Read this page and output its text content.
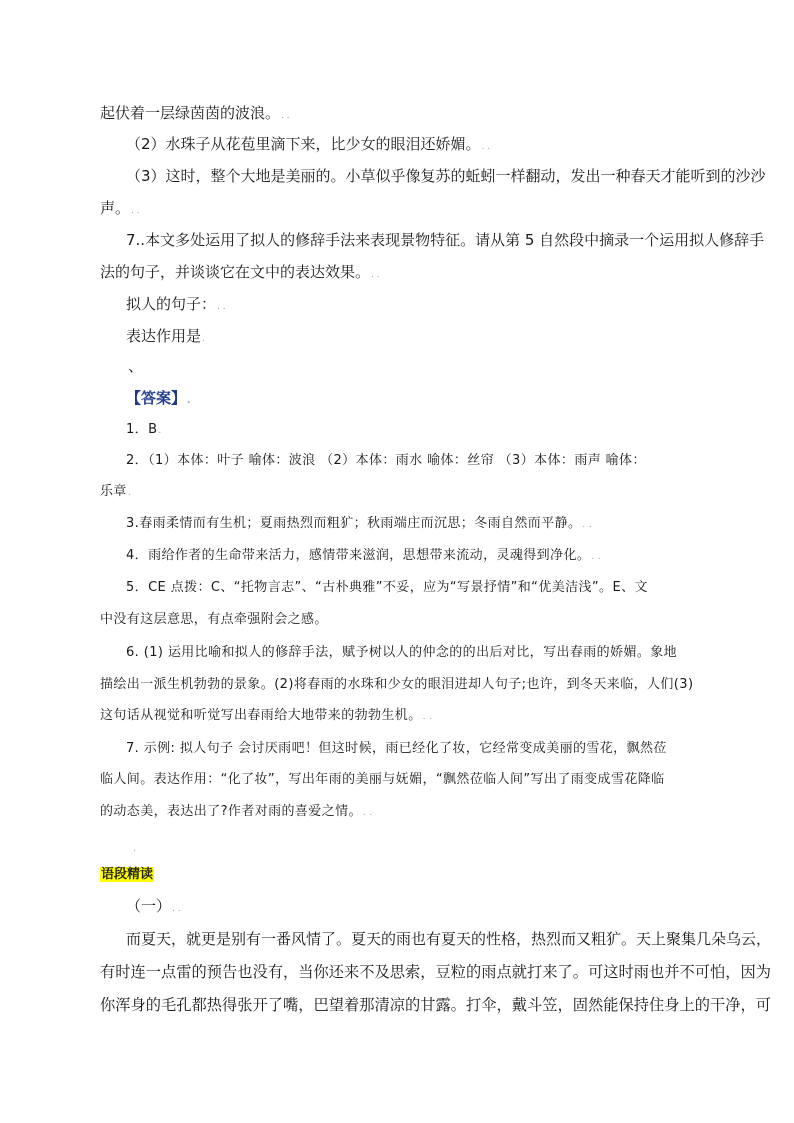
起伏着一层绿茵茵的波浪。. .
（2）水珠子从花苞里滴下来，比少女的眼泪还娇媚。. .
（3）这时，整个大地是美丽的。小草似乎像复苏的蚯蚓一样翻动，发出一种春天才能听到的沙沙
声。. .
7..本文多处运用了拟人的修辞手法来表现景物特征。请从第 5 自然段中摘录一个运用拟人修辞手
法的句子，并谈谈它在文中的表达效果。. .
拟人的句子：. .
表达作用是.
、
【答案】.
1．B.
2．（1）本体：叶子 喻体：波浪 （2）本体：雨水 喻体：丝帘 （3）本体：雨声 喻体：
乐章.
3.春雨柔情而有生机；夏雨热烈而粗犷；秋雨端庄而沉思；冬雨自然而平静。. .
4．雨给作者的生命带来活力，感情带来滋润，思想带来流动，灵魂得到净化。. .
5．CE 点拨：C、“托物言志”、“古朴典雅”不妥，应为“写景抒情”和“优美洁浅”。E、文
中没有这层意思，有点牵强附会之感。
6. (1) 运用比喻和拟人的修辞手法，赋予树以人的仲念的的出后对比，写出春雨的娇媚。象地
描绘出一派生机勃勃的景象。(2)将春雨的水珠和少女的眼泪进却人句子;也许，到冬天来临，人们(3)
这句话从视觉和听觉写出春雨给大地带来的勃勃生机。. .
7. 示例: 拟人句子 会讨厌雨吧！但这时候，雨已经化了妆，它经常变成美丽的雪花，飘然莅
临人间。表达作用：“化了妆”，写出年雨的美丽与妩媚，“飘然莅临人间”写出了雨变成雪花降临
的动态美，表达出了?作者对雨的喜爱之情。. .
.
语段精读
（一）. .
而夏天，就更是别有一番风情了。夏天的雨也有夏天的性格，热烈而又粗犷。天上聚集几朵乌云，
有时连一点雷的预告也没有，当你还来不及思索，豆粒的雨点就打来了。可这时雨也并不可怕，因为
你浑身的毛孔都热得张开了嘴，巴望着那清凉的甘露。打伞，戴斗笠，固然能保持住身上的干净，可
